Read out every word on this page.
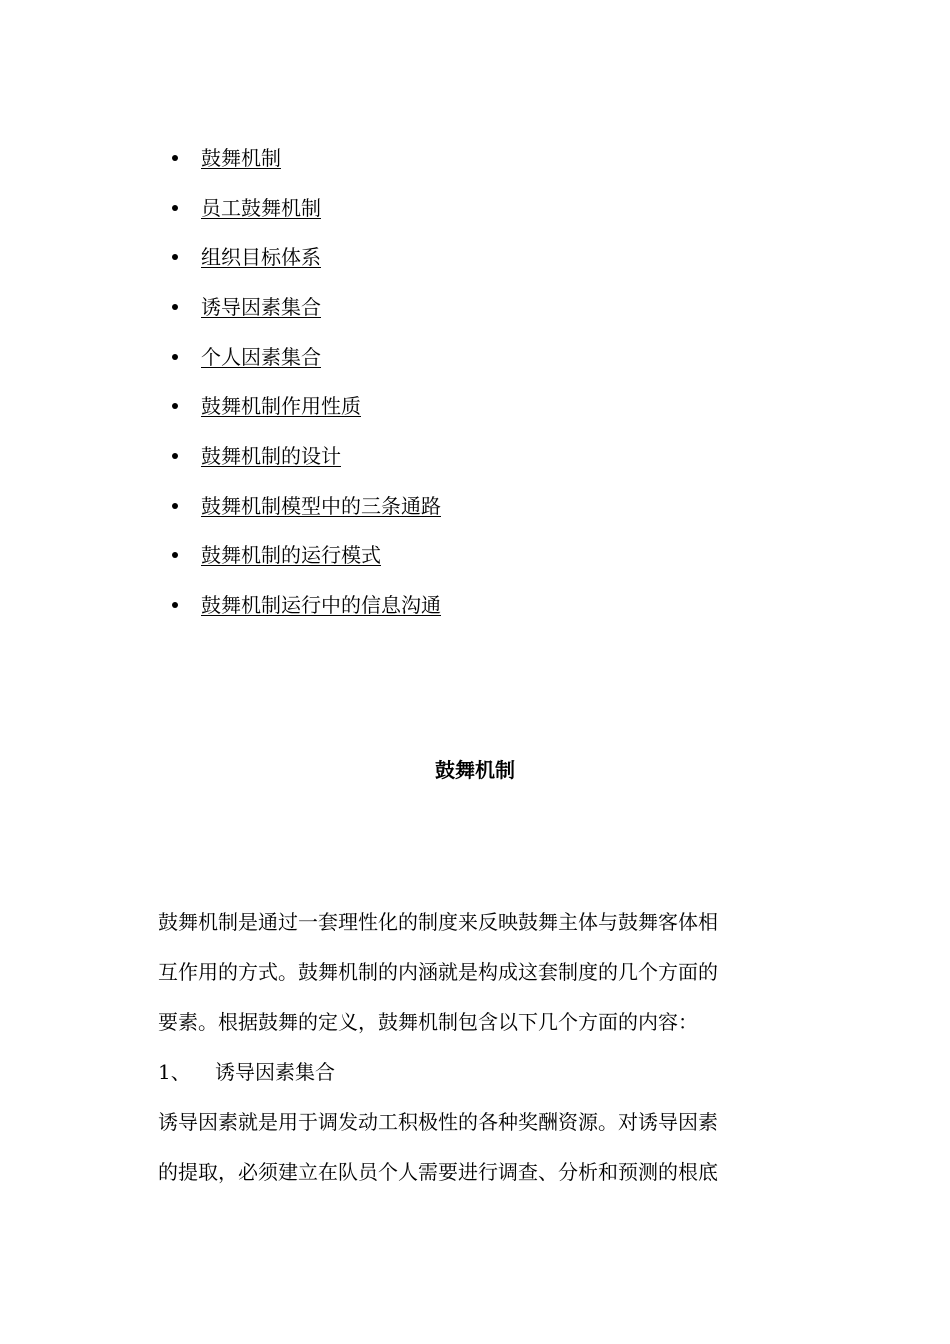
鼓舞机制
员工鼓舞机制
组织目标体系
诱导因素集合
个人因素集合
鼓舞机制作用性质
鼓舞机制的设计
鼓舞机制模型中的三条通路
鼓舞机制的运行模式
鼓舞机制运行中的信息沟通
鼓舞机制
鼓舞机制是通过一套理性化的制度来反映鼓舞主体与鼓舞客体相
互作用的方式。鼓舞机制的内涵就是构成这套制度的几个方面的
要素。根据鼓舞的定义，鼓舞机制包含以下几个方面的内容：
1、 诱导因素集合
诱导因素就是用于调发动工积极性的各种奖酬资源。对诱导因素
的提取，必须建立在队员个人需要进行调查、分析和预测的根底
